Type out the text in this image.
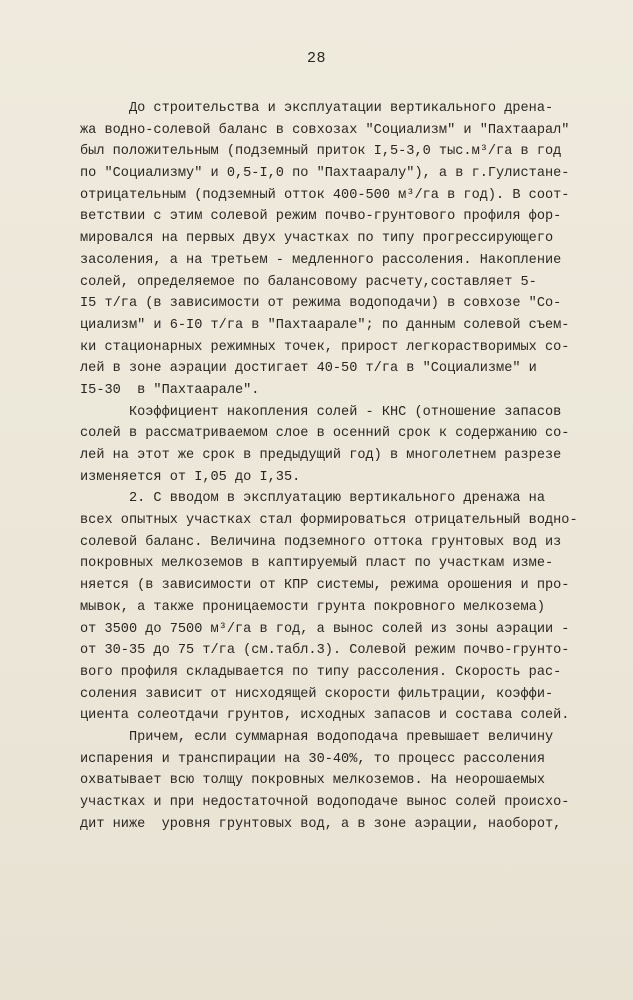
28
До строительства и эксплуатации вертикального дрена-
жа водно-солевой баланс в совхозах "Социализм" и "Пахтаарал"
был положительным (подземный приток I,5-3,0 тыс.м³/га в год
по "Социализму" и 0,5-I,0 по "Пахтааралу"), а в г.Гулистане-
отрицательным (подземный отток 400-500 м³/га в год). В соот-
ветствии с этим солевой режим почво-грунтового профиля фор-
мировался на первых двух участках по типу прогрессирующего
засоления, а на третьем - медленного рассоления. Накопление
солей, определяемое по балансовому расчету,составляет 5-
I5 т/га (в зависимости от режима водоподачи) в совхозе "Со-
циализм" и 6-I0 т/га в "Пахтаарале"; по данным солевой съем-
ки стационарных режимных точек, прирост легкорастворимых со-
лей в зоне аэрации достигает 40-50 т/га в "Социализме" и
I5-30  в "Пахтаарале".
Коэффициент накопления солей - КНС (отношение запасов
солей в рассматриваемом слое в осенний срок к содержанию со-
лей на этот же срок в предыдущий год) в многолетнем разрезе
изменяется от I,05 до I,35.
2. С вводом в эксплуатацию вертикального дренажа на
всех опытных участках стал формироваться отрицательный водно-
солевой баланс. Величина подземного оттока грунтовых вод из
покровных мелкоземов в каптируемый пласт по участкам изме-
няется (в зависимости от КПР системы, режима орошения и про-
мывок, а также проницаемости грунта покровного мелкозема)
от 3500 до 7500 м³/га в год, а вынос солей из зоны аэрации -
от 30-35 до 75 т/га (см.табл.3). Солевой режим почво-грунто-
вого профиля складывается по типу рассоления. Скорость рас-
соления зависит от нисходящей скорости фильтрации, коэффи-
циента солеотдачи грунтов, исходных запасов и состава солей.
Причем, если суммарная водоподача превышает величину
испарения и транспирации на 30-40%, то процесс рассоления
охватывает всю толщу покровных мелкоземов. На неорошаемых
участках и при недостаточной водоподаче вынос солей происхо-
дит ниже  уровня грунтовых вод, а в зоне аэрации, наоборот,
